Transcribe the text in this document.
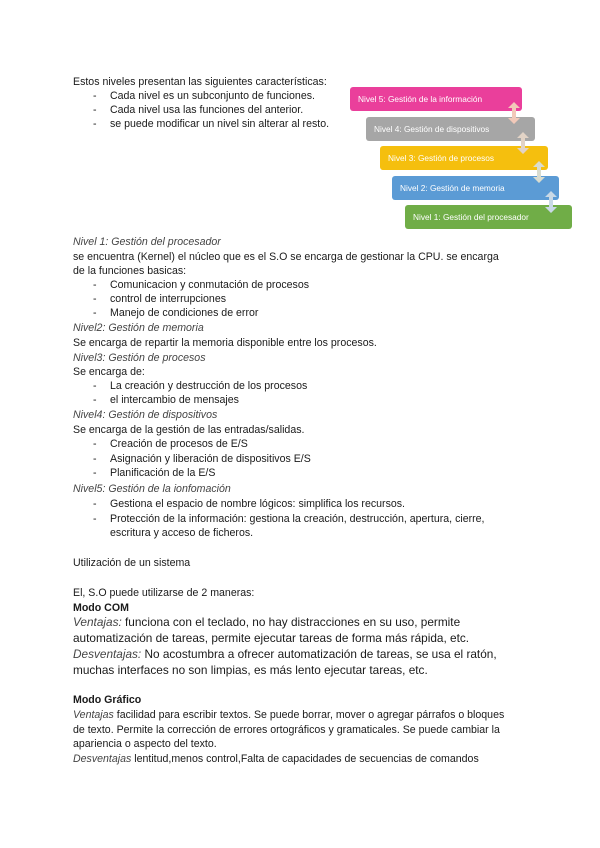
Estos niveles presentan las siguientes características:
- Cada nivel es un subconjunto de funciones.
- Cada nivel usa las funciones del anterior.
- se puede modificar un nivel sin alterar al resto.
Nivel 5: Gestión de la información
Nivel 4: Gestión de dispositivos
Nivel 3: Gestión de procesos
Nivel 2: Gestión de memoria
Nivel 1: Gestión del procesador
Nivel 1: Gestión del procesador
se encuentra (Kernel) el núcleo que es el S.O se encarga de gestionar la CPU. se encarga
de la funciones basicas:
- Comunicacion y conmutación de procesos
- control de interrupciones
- Manejo de condiciones de error
Nivel2: Gestión de memoria
Se encarga de repartir la memoria disponible entre los procesos.
Nivel3: Gestión de procesos
Se encarga de:
- La creación y destrucción de los procesos
- el intercambio de mensajes
Nivel4: Gestión de dispositivos
Se encarga de la gestión de las entradas/salidas.
- Creación de procesos de E/S
- Asignación y liberación de dispositivos E/S
- Planificación de la E/S
Nivel5: Gestión de la ionfomación
- Gestiona el espacio de nombre lógicos: simplifica los recursos.
- Protección de la información: gestiona la creación, destrucción, apertura, cierre,
escritura y acceso de ficheros.
Utilización de un sistema
El, S.O puede utilizarse de 2 maneras:
Modo COM
Ventajas: funciona con el teclado, no hay distracciones en su uso, permite
automatización de tareas, permite ejecutar tareas de forma más rápida, etc.
Desventajas: No acostumbra a ofrecer automatización de tareas, se usa el ratón,
muchas interfaces no son limpias, es más lento ejecutar tareas, etc.
Modo Gráfico
Ventajas facilidad para escribir textos. Se puede borrar, mover o agregar párrafos o bloques
de texto. Permite la corrección de errores ortográficos y gramaticales. Se puede cambiar la
apariencia o aspecto del texto.
Desventajas lentitud,menos control,Falta de capacidades de secuencias de comandos
